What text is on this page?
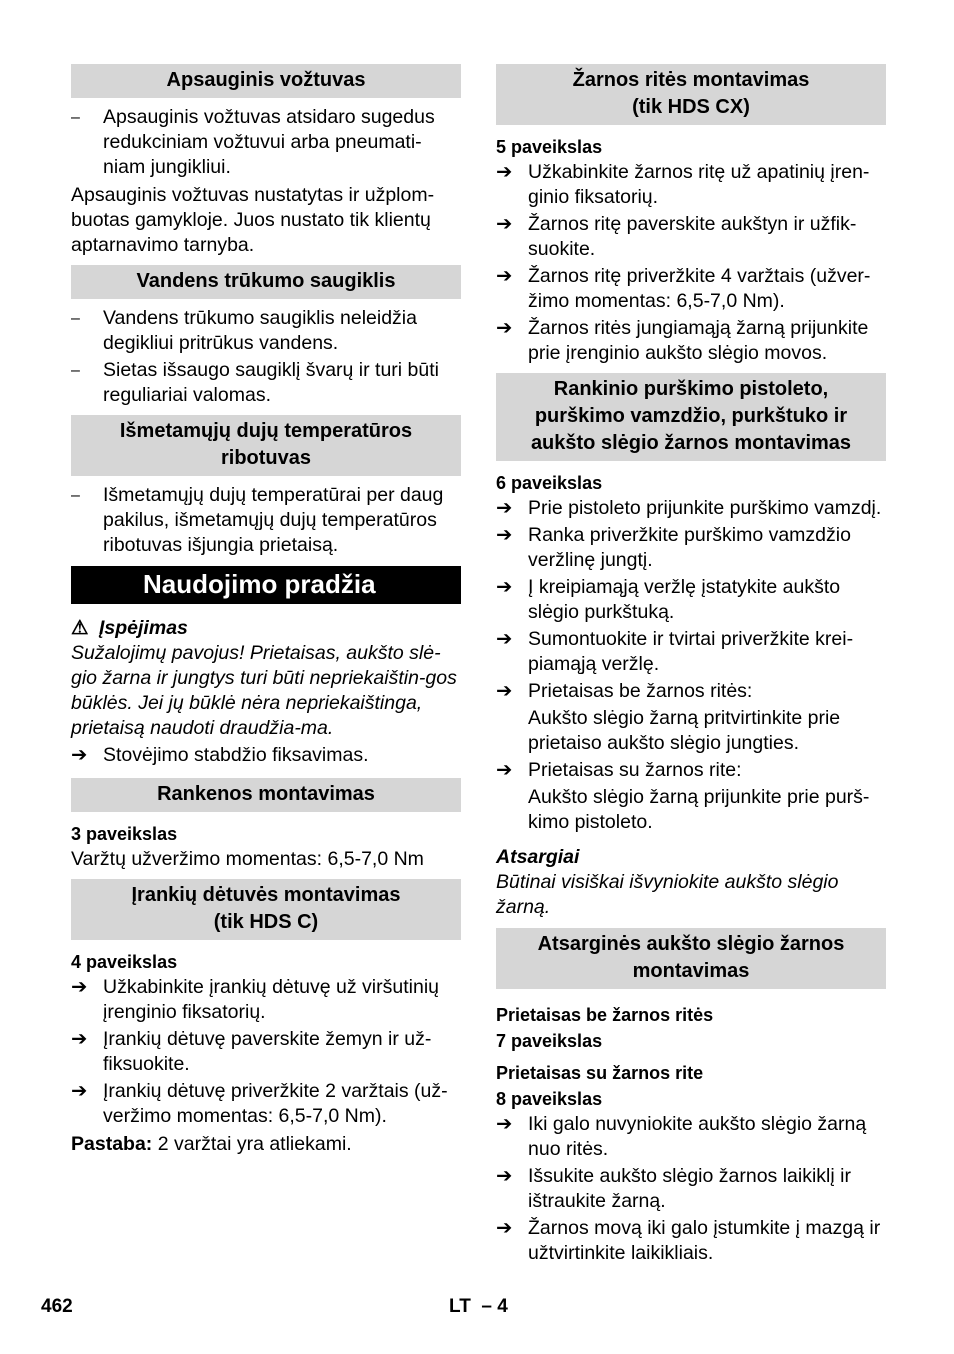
Apsauginis vožtuvas
–	Apsauginis vožtuvas atsidaro sugedus redukciniam vožtuvui arba pneumati-niam jungikliui.
Apsauginis vožtuvas nustatytas ir užplom-buotas gamykloje. Juos nustato tik klientų aptarnavimo tarnyba.
Vandens trūkumo saugiklis
–	Vandens trūkumo saugiklis neleidžia degikliui pritrūkus vandens.
–	Sietas išsaugo saugiklį švarų ir turi būti reguliariai valomas.
Išmetamųjų dujų temperatūros
ribotuvas
–	Išmetamųjų dujų temperatūrai per daug pakilus, išmetamųjų dujų temperatūros ribotuvas išjungia prietaisą.
Naudojimo pradžia
⚠ Įspėjimas
Sužalojimų pavojus! Prietaisas, aukšto slė-gio žarna ir jungtys turi būti nepriekaištin-gos būklės. Jei jų būklė nėra nepriekaištinga, prietaisą naudoti draudžia-ma.
➔ Stovėjimo stabdžio fiksavimas.
Rankenos montavimas
3 paveikslas
Varžtų užveržimo momentas: 6,5-7,0 Nm
Įrankių dėtuvės montavimas
(tik HDS C)
4 paveikslas
➔ Užkabinkite įrankių dėtuvę už viršutinių įrenginio fiksatorių.
➔ Įrankių dėtuvę paverskite žemyn ir už-fiksuokite.
➔ Įrankių dėtuvę priveržkite 2 varžtais (už-veržimo momentas: 6,5-7,0 Nm).
Pastaba: 2 varžtai yra atliekami.
Žarnos ritės montavimas
(tik HDS CX)
5 paveikslas
➔ Užkabinkite žarnos ritę už apatinių įren-ginio fiksatorių.
➔ Žarnos ritę paverskite aukštyn ir užfik-suokite.
➔ Žarnos ritę priveržkite 4 varžtais (užver-žimo momentas: 6,5-7,0 Nm).
➔ Žarnos ritės jungiamąją žarną prijunkite prie įrenginio aukšto slėgio movos.
Rankinio purškimo pistoleto,
purškimo vamzdžio, purkštuko ir
aukšto slėgio žarnos montavimas
6 paveikslas
➔ Prie pistoleto prijunkite purškimo vamzdį.
➔ Ranka priveržkite purškimo vamzdžio veržlinę jungtį.
➔ Į kreipiamąją veržlę įstatykite aukšto slėgio purkštuką.
➔ Sumontuokite ir tvirtai priveržkite krei-piamąją veržlę.
➔ Prietaisas be žarnos ritės:
Aukšto slėgio žarną pritvirtinkite prie prietaiso aukšto slėgio jungties.
➔ Prietaisas su žarnos rite:
Aukšto slėgio žarną prijunkite prie purš-kimo pistoleto.
Atsargiai
Būtinai visiškai išvyniokite aukšto slėgio žarną.
Atsarginės aukšto slėgio žarnos
montavimas
Prietaisas be žarnos ritės
7 paveikslas
Prietaisas su žarnos rite
8 paveikslas
➔ Iki galo nuvyniokite aukšto slėgio žarną nuo ritės.
➔ Išsukite aukšto slėgio žarnos laikiklį ir ištraukite žarną.
➔ Žarnos movą iki galo įstumkite į mazgą ir užtvirtinkite laikikliais.
462	LT – 4
